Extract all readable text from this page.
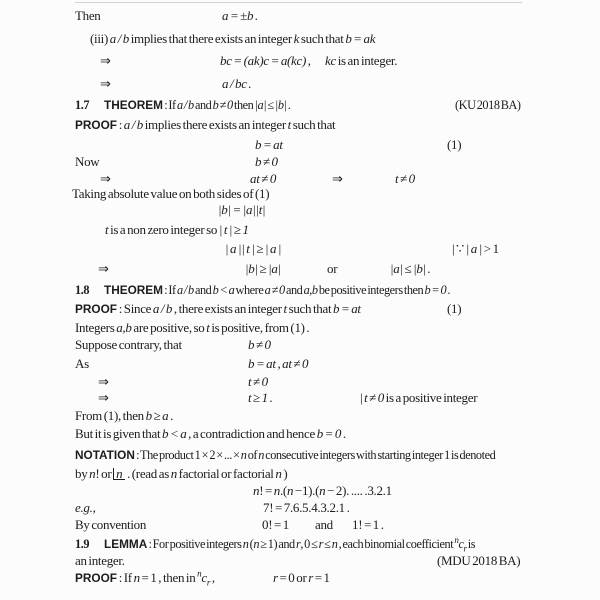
Then	a = ±b .
(iii) a / b implies that there exists an integer k such that b = ak
⇒	bc = (ak)c = a(kc) , kc is an integer.
⇒	a / bc .
1.7 THEOREM : If a / b and b ≠ 0 then |a| ≤ |b| .	(KU 2018 BA)
PROOF : a / b implies there exists an integer t such that
b = at	(1)
Now	b ≠ 0
⇒	at ≠ 0	⇒	t ≠ 0
Taking absolute value on both sides of (1)
|b| = |a||t|
t is a non zero integer so | t | ≥ 1
| a || t | ≥ | a |	| ∵ | a | > 1
⇒	|b| ≥ |a|	or	|a| ≤ |b| .
1.8 THEOREM : If a / b and b < a where a ≠ 0 and a,b be positive integers then b = 0 .
PROOF : Since a / b , there exists an integer t such that b = at	(1)
Integers a,b are positive, so t is positive, from (1) .
Suppose contrary, that	b ≠ 0
As	b = at , at ≠ 0
⇒	t ≠ 0
⇒	t ≥ 1 .	| t ≠ 0 is a positive integer
From (1), then b ≥ a .
But it is given that b < a , a contradiction and hence b = 0 .
NOTATION : The product 1 × 2 × ... × n of n consecutive integers with starting integer 1 is denoted
by n! or n . (read as n factorial or factorial n )
n! = n.(n −1).(n − 2). .... .3.2.1
e.g.,	7! = 7.6.5.4.3.2.1 .
By convention	0! = 1 and 1! = 1 .
1.9 LEMMA : For positive integers n (n ≥ 1) and r, 0 ≤ r ≤ n , each binomial coefficient $^nc_r$ is
an integer.	(MDU 2018 BA)
PROOF : If n = 1 , then in $^nc_r$ ,	r = 0 or r = 1
